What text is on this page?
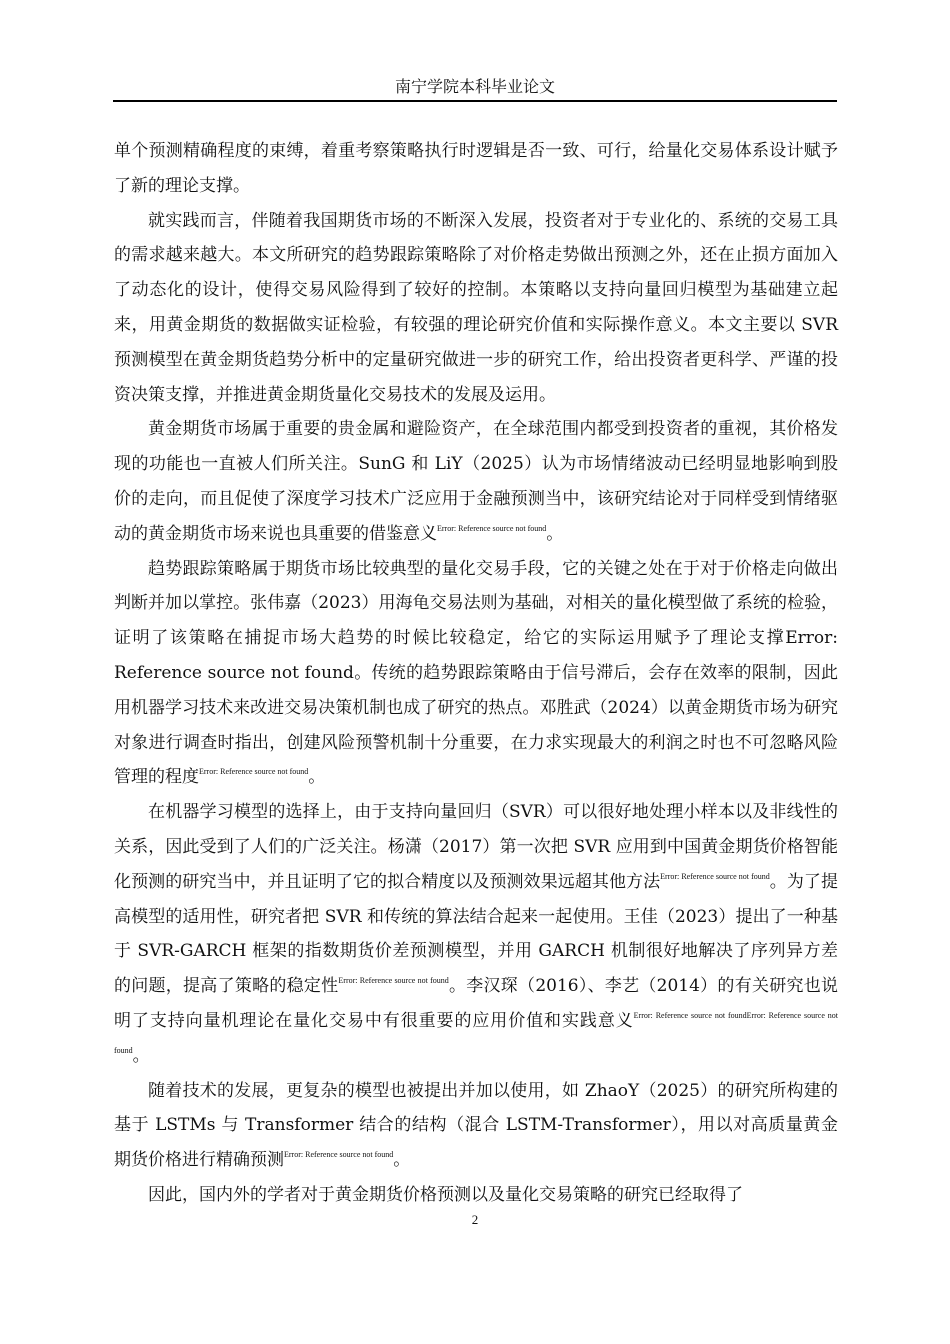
南宁学院本科毕业论文

单个预测精确程度的束缚，着重考察策略执行时逻辑是否一致、可行，给量化交易体系设计赋予了新的理论支撑。

就实践而言，伴随着我国期货市场的不断深入发展，投资者对于专业化的、系统的交易工具的需求越来越大。本文所研究的趋势跟踪策略除了对价格走势做出预测之外，还在止损方面加入了动态化的设计，使得交易风险得到了较好的控制。本策略以支持向量回归模型为基础建立起来，用黄金期货的数据做实证检验，有较强的理论研究价值和实际操作意义。本文主要以 SVR 预测模型在黄金期货趋势分析中的定量研究做进一步的研究工作，给出投资者更科学、严谨的投资决策支撑，并推进黄金期货量化交易技术的发展及运用。

黄金期货市场属于重要的贵金属和避险资产，在全球范围内都受到投资者的重视，其价格发现的功能也一直被人们所关注。SunG 和 LiY（2025）认为市场情绪波动已经明显地影响到股价的走向，而且促使了深度学习技术广泛应用于金融预测当中，该研究结论对于同样受到情绪驱动的黄金期货市场来说也具重要的借鉴意义$^{Error: Reference source not found}$。

趋势跟踪策略属于期货市场比较典型的量化交易手段，它的关键之处在于对于价格走向做出判断并加以掌控。张伟嘉（2023）用海龟交易法则为基础，对相关的量化模型做了系统的检验，证明了该策略在捕捉市场大趋势的时候比较稳定，给它的实际运用赋予了理论支撑Error: Reference source not found。传统的趋势跟踪策略由于信号滞后，会存在效率的限制，因此用机器学习技术来改进交易决策机制也成了研究的热点。邓胜武（2024）以黄金期货市场为研究对象进行调查时指出，创建风险预警机制十分重要，在力求实现最大的利润之时也不可忽略风险管理的程度$^{Error: Reference source not found}$。

在机器学习模型的选择上，由于支持向量回归（SVR）可以很好地处理小样本以及非线性的关系，因此受到了人们的广泛关注。杨潇（2017）第一次把 SVR 应用到中国黄金期货价格智能化预测的研究当中，并且证明了它的拟合精度以及预测效果远超其他方法$^{Error: Reference source not found}$。为了提高模型的适用性，研究者把 SVR 和传统的算法结合起来一起使用。王佳（2023）提出了一种基于 SVR-GARCH 框架的指数期货价差预测模型，并用 GARCH 机制很好地解决了序列异方差的问题，提高了策略的稳定性$^{Error: Reference source not found}$。李汉琛（2016）、李艺（2014）的有关研究也说明了支持向量机理论在量化交易中有很重要的应用价值和实践意义$^{Error: Reference source not foundError: Reference source not found}$。

随着技术的发展，更复杂的模型也被提出并加以使用，如 ZhaoY（2025）的研究所构建的基于 LSTMs 与 Transformer 结合的结构（混合 LSTM-Transformer），用以对高质量黄金期货价格进行精确预测$^{Error: Reference source not found}$。

因此，国内外的学者对于黄金期货价格预测以及量化交易策略的研究已经取得了

2
